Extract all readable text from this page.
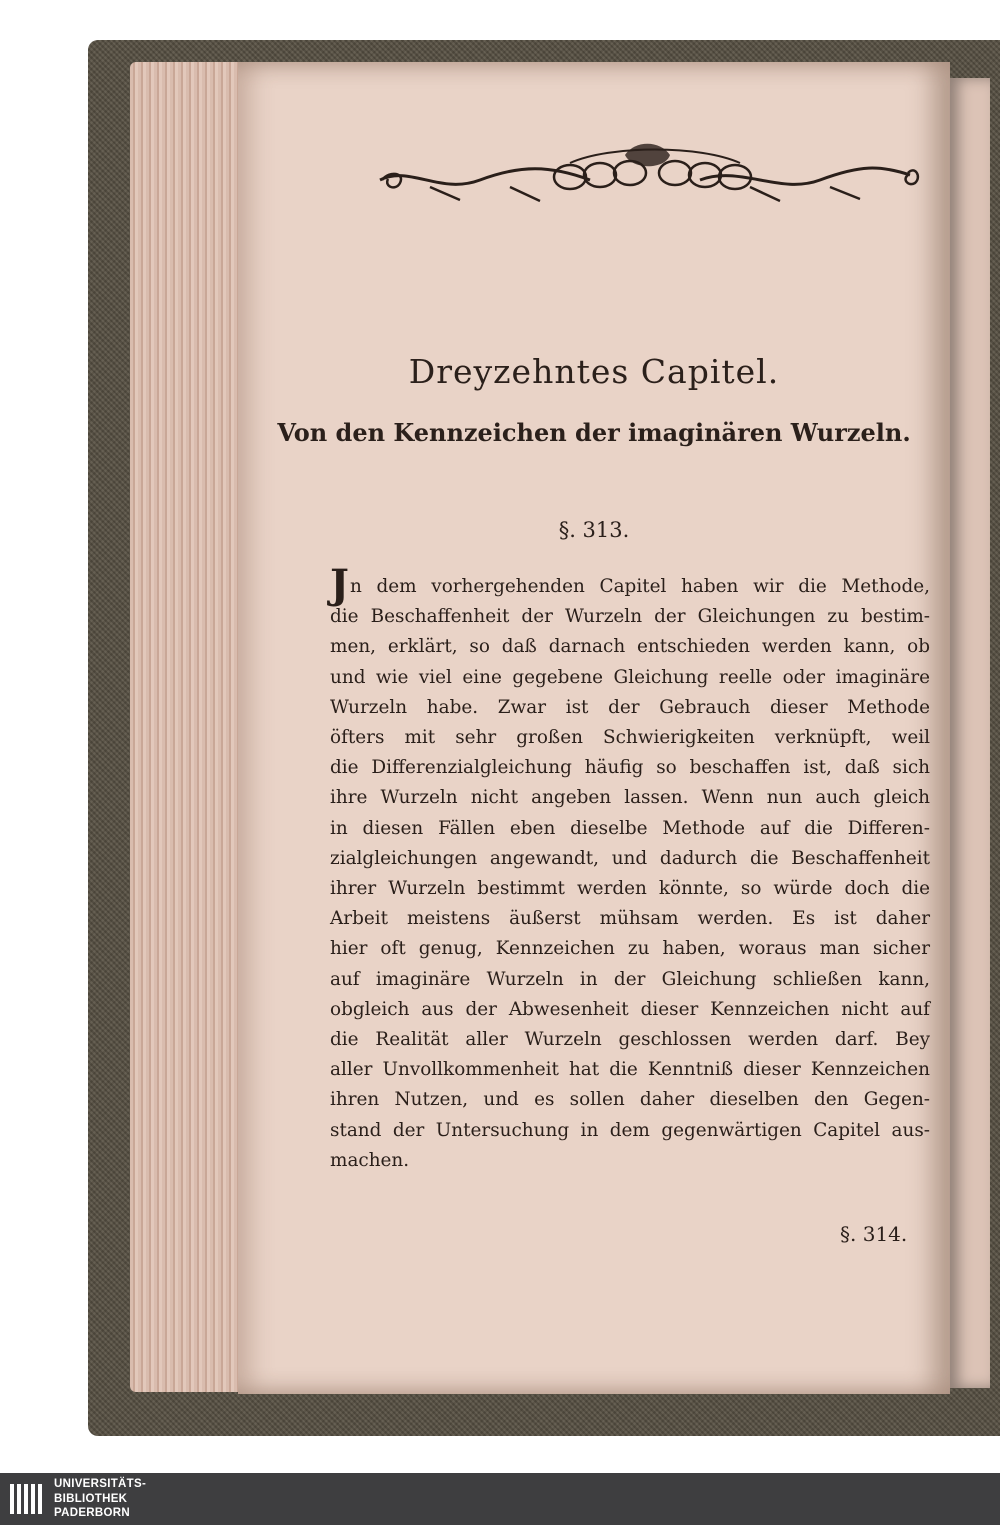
Dreyzehntes Capitel.
Von den Kennzeichen der imaginären Wurzeln.
§. 313.
Jn dem vorhergehenden Capitel haben wir die Methode,
die Beschaffenheit der Wurzeln der Gleichungen zu bestim-
men, erklärt, so daß darnach entschieden werden kann, ob
und wie viel eine gegebene Gleichung reelle oder imaginäre
Wurzeln habe. Zwar ist der Gebrauch dieser Methode
öfters mit sehr großen Schwierigkeiten verknüpft, weil
die Differenzialgleichung häufig so beschaffen ist, daß sich
ihre Wurzeln nicht angeben lassen. Wenn nun auch gleich
in diesen Fällen eben dieselbe Methode auf die Differen-
zialgleichungen angewandt, und dadurch die Beschaffenheit
ihrer Wurzeln bestimmt werden könnte, so würde doch die
Arbeit meistens äußerst mühsam werden. Es ist daher
hier oft genug, Kennzeichen zu haben, woraus man sicher
auf imaginäre Wurzeln in der Gleichung schließen kann,
obgleich aus der Abwesenheit dieser Kennzeichen nicht auf
die Realität aller Wurzeln geschlossen werden darf. Bey
aller Unvollkommenheit hat die Kenntniß dieser Kennzeichen
ihren Nutzen, und es sollen daher dieselben den Gegen-
stand der Untersuchung in dem gegenwärtigen Capitel aus-
machen.
§. 314.
UNIVERSITÄTS-
BIBLIOTHEK
PADERBORN
